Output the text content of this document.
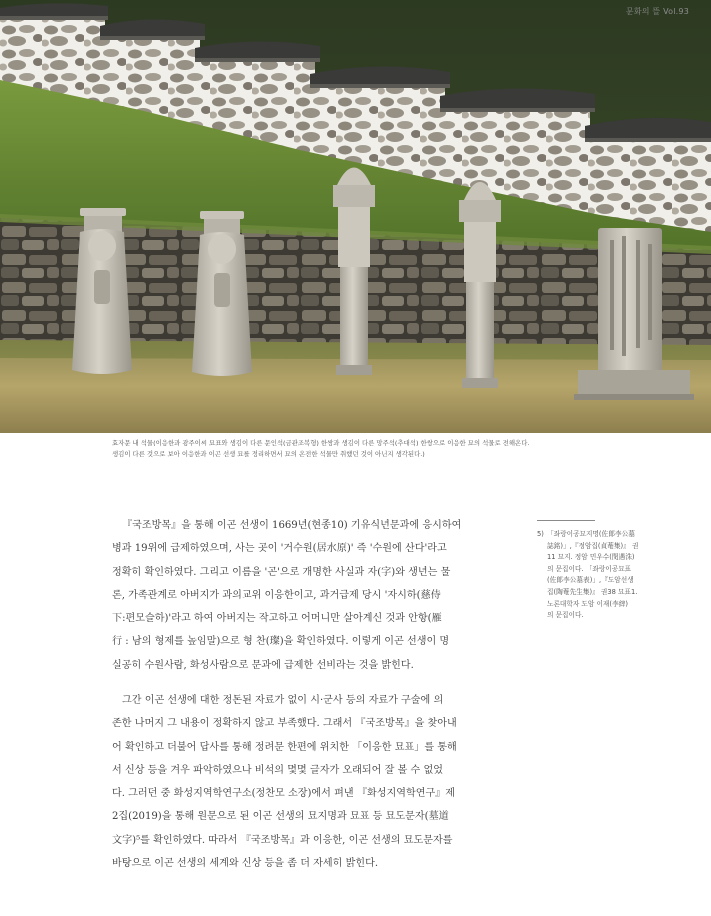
문화의 뜰 Vol.93
효자문 내 석물(이응한과 광주이씨 묘표와 생김이 다른 문인석(금관조복형) 한쌍과 생김이 다른 망주석(추대석) 한쌍으로 이응한 묘의 석물로 전해온다.
생김이 다른 것으로 보아 이응한과 이곤 선생 묘를 정리하면서 묘의 온전한 석물만 취했던 것이 아닌지 생각된다.)
『국조방목』을 통해 이곤 선생이 1669년(현종10) 기유식년문과에 응시하여
병과 19위에 급제하였으며, 사는 곳이 '거수원(居水原)' 즉 '수원에 산다'라고
정확히 확인하였다. 그리고 이름을 '곤'으로 개명한 사실과 자(字)와 생년는 물
론, 가족관계로 아버지가 과의교위 이응한이고, 과거급제 당시 '자시하(慈侍
下:편모슬하)'라고 하여 아버지는 작고하고 어머니만 살아계신 것과 안항(雁
行 : 남의 형제를 높임말)으로 형 찬(璨)을 확인하였다. 이렇게 이곤 선생이 명
실공히 수원사람, 화성사람으로 문과에 급제한 선비라는 것을 밝힌다.
그간 이곤 선생에 대한 정돈된 자료가 없이 시·군사 등의 자료가 구술에 의
존한 나머지 그 내용이 정확하지 않고 부족했다. 그래서 『국조방목』을 찾아내
어 확인하고 더불어 답사를 통해 정려문 한편에 위치한 「이응한 묘표」를 통해
서 신상 등을 겨우 파악하였으나 비석의 몇몇 글자가 오래되어 잘 볼 수 없었
다. 그러던 중 화성지역학연구소(정찬모 소장)에서 펴낸 『화성지역학연구』제
2집(2019)을 통해 원문으로 된 이곤 선생의 묘지명과 묘표 등 묘도문자(墓道
文字)⁵를 확인하였다. 따라서 『국조방목』과 이응한, 이곤 선생의 묘도문자를
바탕으로 이곤 선생의 세계와 신상 등을 좀 더 자세히 밝힌다.
5) 「좌랑이공묘지명(佐郞李公墓
誌銘)」,『정암집(貞菴集)』 권
11 묘지. 정암 민우수(閔遇洙)
의 문집이다. 「좌랑이공묘표
(佐郞李公墓表)」,『도암선생
집(陶菴先生集)』 권38 묘표1.
노론대학자 도암 이재(李縡)
의 문집이다.
